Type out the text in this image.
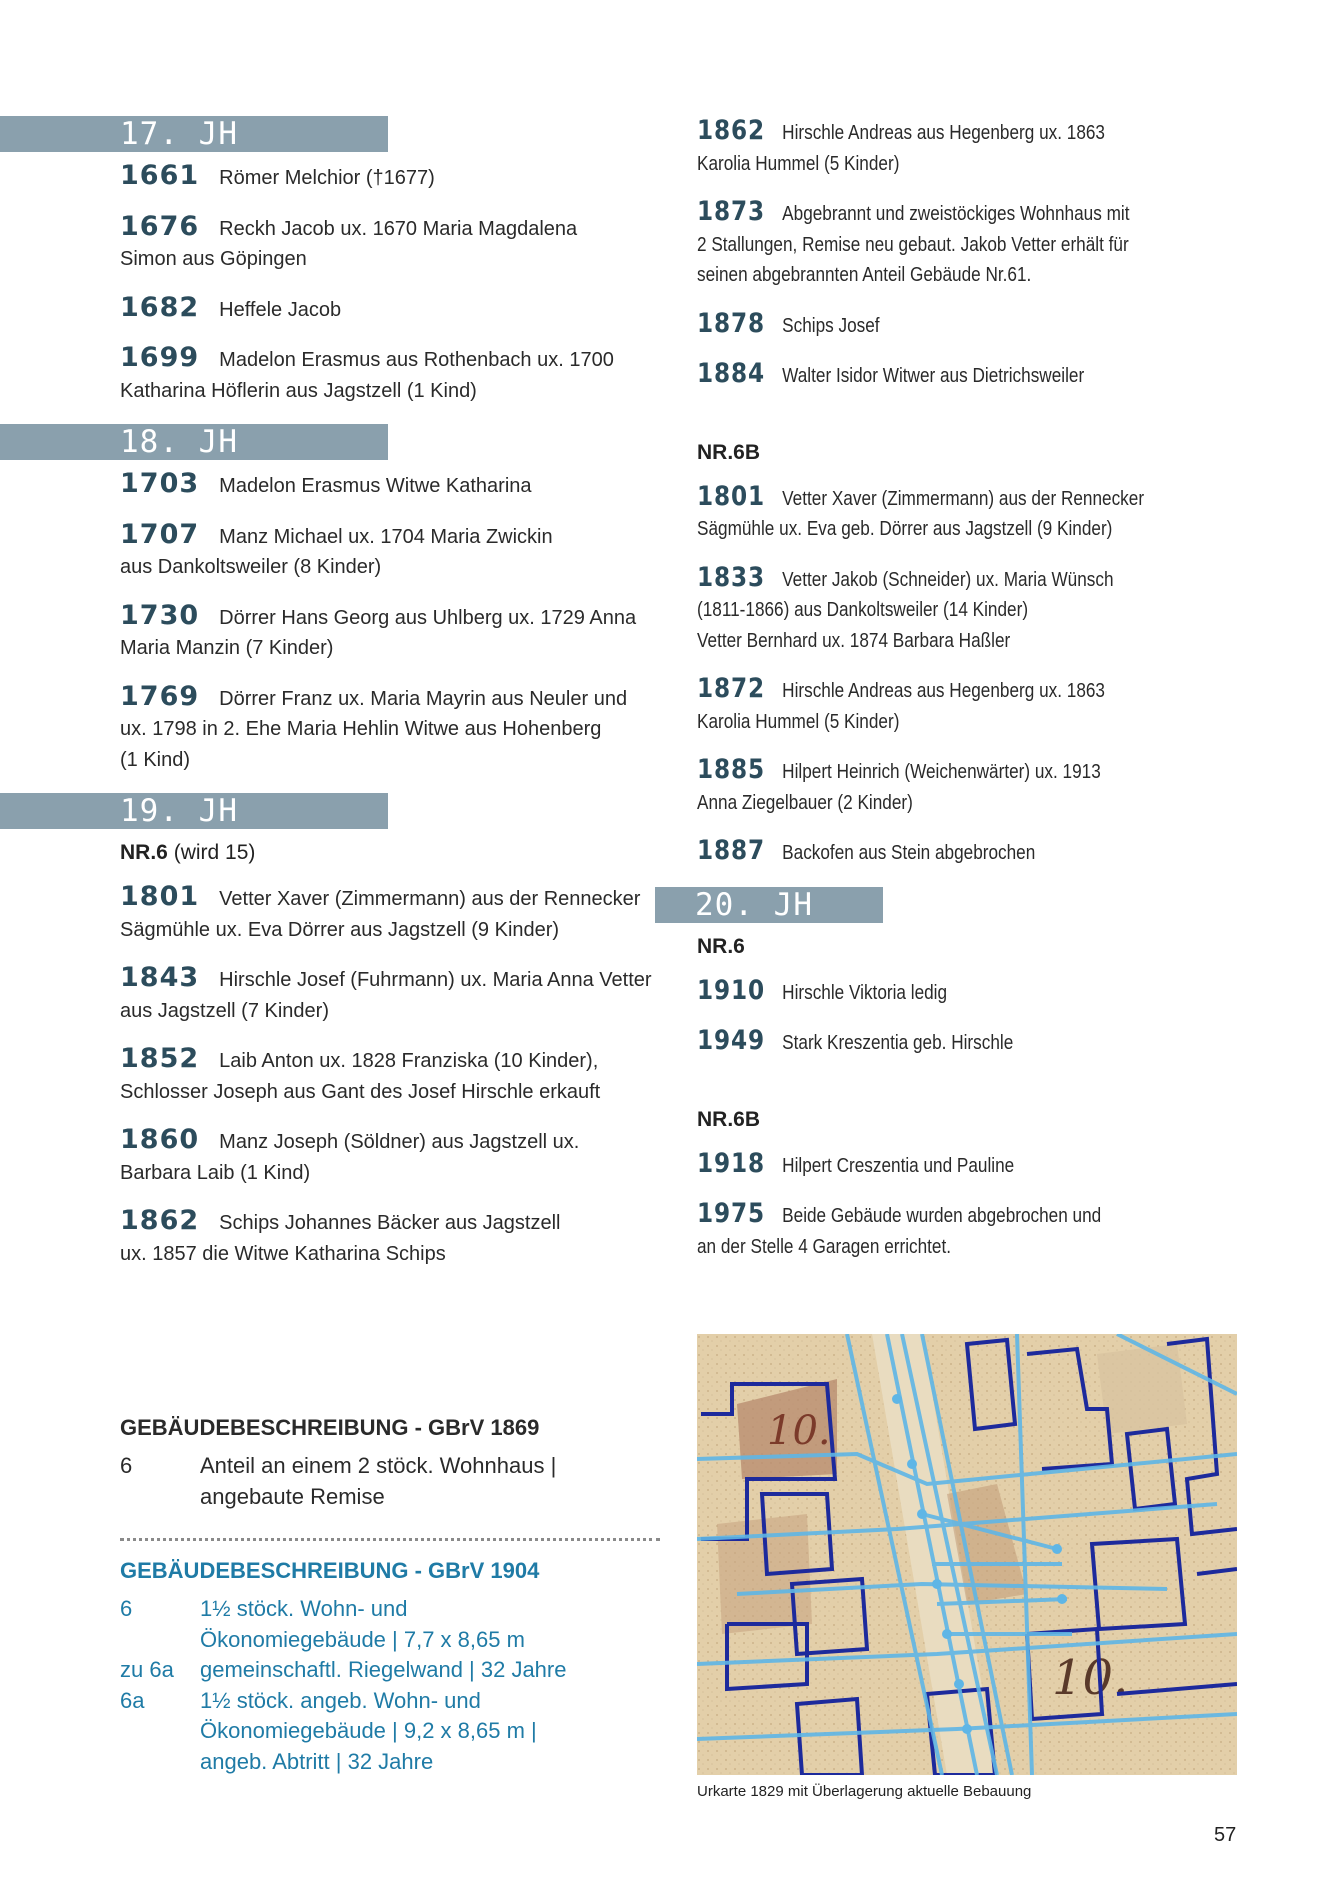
17. JH
1661 Römer Melchior (†1677)
1676 Reckh Jacob ux. 1670 Maria Magdalena
Simon aus Göpingen
1682 Heffele Jacob
1699 Madelon Erasmus aus Rothenbach ux. 1700
Katharina Höflerin aus Jagstzell (1 Kind)
18. JH
1703 Madelon Erasmus Witwe Katharina
1707 Manz Michael ux. 1704 Maria Zwickin
aus Dankoltsweiler (8 Kinder)
1730 Dörrer Hans Georg aus Uhlberg ux. 1729 Anna
Maria Manzin (7 Kinder)
1769 Dörrer Franz ux. Maria Mayrin aus Neuler und
ux. 1798 in 2. Ehe Maria Hehlin Witwe aus Hohenberg
(1 Kind)
19. JH
NR.6 (wird 15)
1801 Vetter Xaver (Zimmermann) aus der Rennecker
Sägmühle ux. Eva Dörrer aus Jagstzell (9 Kinder)
1843 Hirschle Josef (Fuhrmann) ux. Maria Anna Vetter
aus Jagstzell (7 Kinder)
1852 Laib Anton ux. 1828 Franziska (10 Kinder),
Schlosser Joseph aus Gant des Josef Hirschle erkauft
1860 Manz Joseph (Söldner) aus Jagstzell ux.
Barbara Laib (1 Kind)
1862 Schips Johannes Bäcker aus Jagstzell
ux. 1857 die Witwe Katharina Schips
1862 Hirschle Andreas aus Hegenberg ux. 1863
Karolia Hummel (5 Kinder)
1873 Abgebrannt und zweistöckiges Wohnhaus mit
2 Stallungen, Remise neu gebaut. Jakob Vetter erhält für
seinen abgebrannten Anteil Gebäude Nr.61.
1878 Schips Josef
1884 Walter Isidor Witwer aus Dietrichsweiler
NR.6B
1801 Vetter Xaver (Zimmermann) aus der Rennecker
Sägmühle ux. Eva geb. Dörrer aus Jagstzell (9 Kinder)
1833 Vetter Jakob (Schneider) ux. Maria Wünsch
(1811-1866) aus Dankoltsweiler (14 Kinder)
Vetter Bernhard ux. 1874 Barbara Haßler
1872 Hirschle Andreas aus Hegenberg ux. 1863
Karolia Hummel (5 Kinder)
1885 Hilpert Heinrich (Weichenwärter) ux. 1913
Anna Ziegelbauer (2 Kinder)
1887 Backofen aus Stein abgebrochen
20. JH
NR.6
1910 Hirschle Viktoria ledig
1949 Stark Kreszentia geb. Hirschle
NR.6B
1918 Hilpert Creszentia und Pauline
1975 Beide Gebäude wurden abgebrochen und
an der Stelle 4 Garagen errichtet.
GEBÄUDEBESCHREIBUNG - GBrV 1869
6	Anteil an einem 2 stöck. Wohnhaus |
angebaute Remise
GEBÄUDEBESCHREIBUNG - GBrV 1904
6	1½ stöck. Wohn- und
Ökonomiegebäude | 7,7 x 8,65 m
zu 6a	gemeinschaftl. Riegelwand | 32 Jahre
6a	1½ stöck. angeb. Wohn- und
Ökonomiegebäude | 9,2 x 8,65 m |
angeb. Abtritt | 32 Jahre
10.
10.
Urkarte 1829 mit Überlagerung aktuelle Bebauung
57
